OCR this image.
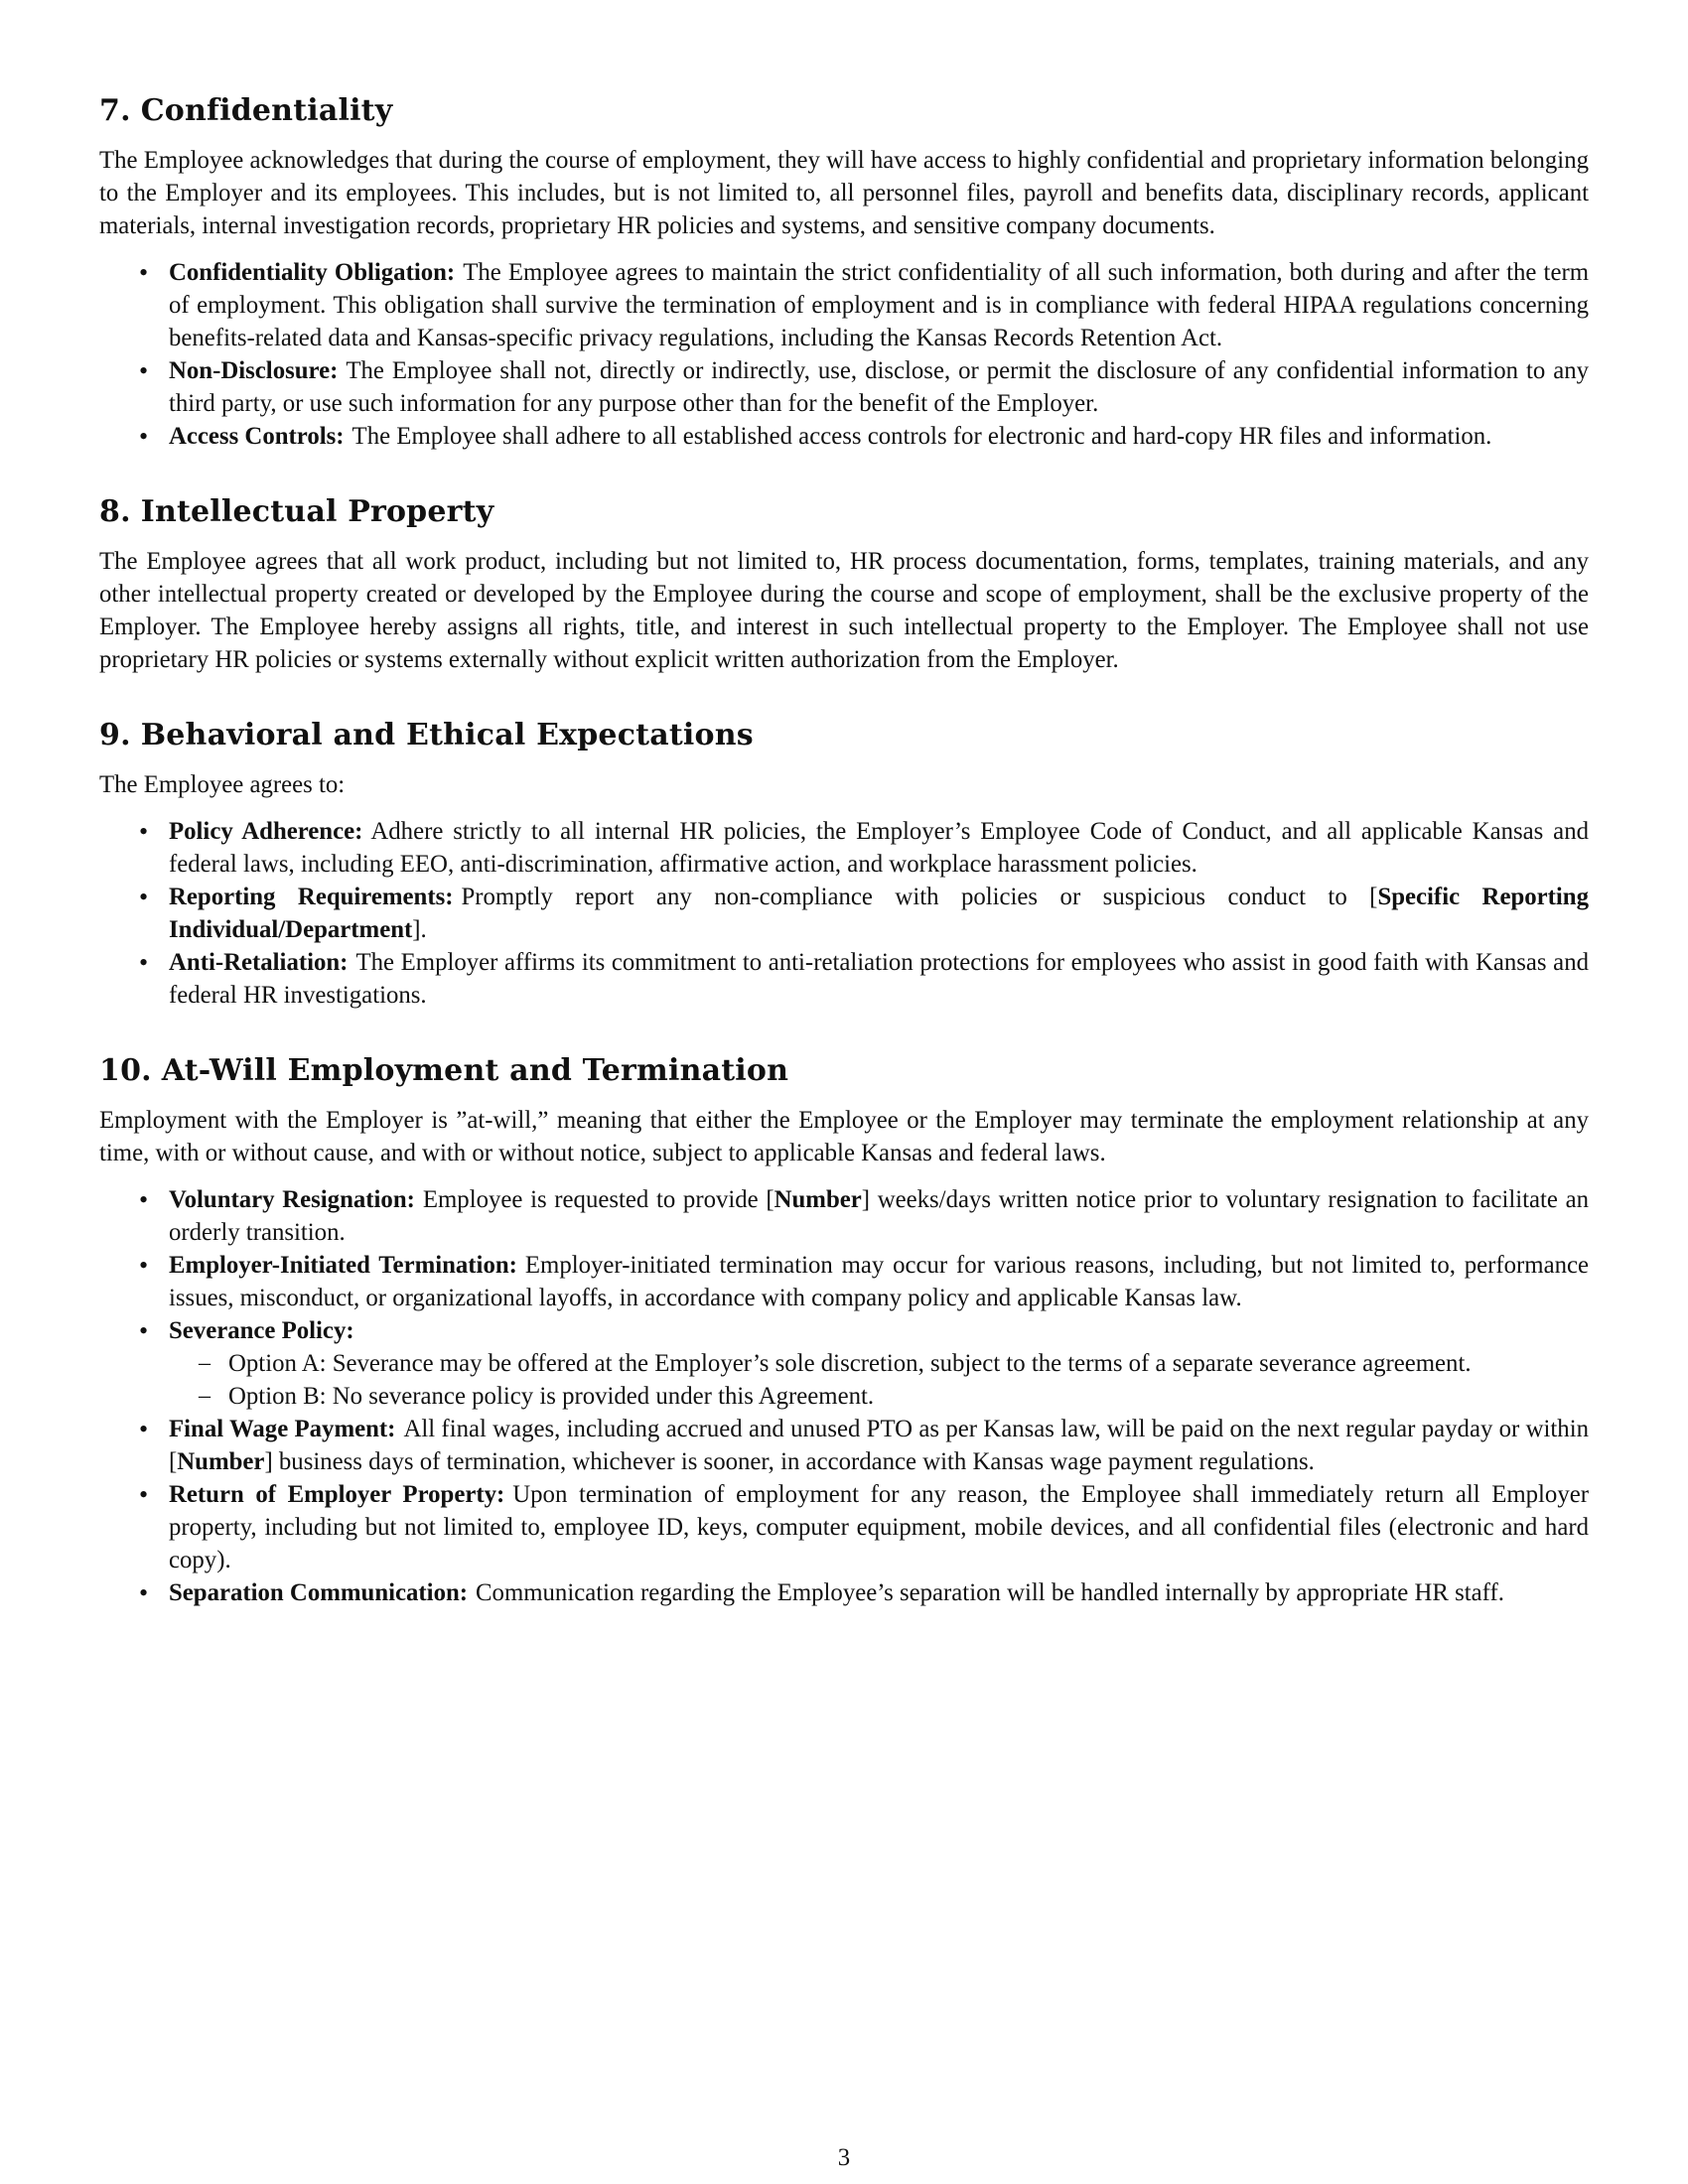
7. Confidentiality

The Employee acknowledges that during the course of employment, they will have access to highly confidential and proprietary information belonging to the Employer and its employees. This includes, but is not limited to, all personnel files, payroll and benefits data, disciplinary records, applicant materials, internal investigation records, proprietary HR policies and systems, and sensitive company documents.

• Confidentiality Obligation: The Employee agrees to maintain the strict confidentiality of all such information, both during and after the term of employment. This obligation shall survive the termination of employment and is in compliance with federal HIPAA regulations concerning benefits-related data and Kansas-specific privacy regulations, including the Kansas Records Retention Act.
• Non-Disclosure: The Employee shall not, directly or indirectly, use, disclose, or permit the disclosure of any confidential information to any third party, or use such information for any purpose other than for the benefit of the Employer.
• Access Controls: The Employee shall adhere to all established access controls for electronic and hard-copy HR files and information.
8. Intellectual Property

The Employee agrees that all work product, including but not limited to, HR process documentation, forms, templates, training materials, and any other intellectual property created or developed by the Employee during the course and scope of employment, shall be the exclusive property of the Employer. The Employee hereby assigns all rights, title, and interest in such intellectual property to the Employer. The Employee shall not use proprietary HR policies or systems externally without explicit written authorization from the Employer.

9. Behavioral and Ethical Expectations

The Employee agrees to:

• Policy Adherence: Adhere strictly to all internal HR policies, the Employer’s Employee Code of Conduct, and all applicable Kansas and federal laws, including EEO, anti-discrimination, affirmative action, and workplace harassment policies.
• Reporting Requirements: Promptly report any non-compliance with policies or suspicious conduct to [Specific Reporting Individual/Department].
• Anti-Retaliation: The Employer affirms its commitment to anti-retaliation protections for employees who assist in good faith with Kansas and federal HR investigations.
10. At-Will Employment and Termination

Employment with the Employer is ”at-will,” meaning that either the Employee or the Employer may terminate the employment relationship at any time, with or without cause, and with or without notice, subject to applicable Kansas and federal laws.

• Voluntary Resignation: Employee is requested to provide [Number] weeks/days written notice prior to voluntary resignation to facilitate an orderly transition.
• Employer-Initiated Termination: Employer-initiated termination may occur for various reasons, including, but not limited to, performance issues, misconduct, or organizational layoffs, in accordance with company policy and applicable Kansas law.
• Severance Policy:
– Option A: Severance may be offered at the Employer’s sole discretion, subject to the terms of a separate severance agreement.
– Option B: No severance policy is provided under this Agreement.
• Final Wage Payment: All final wages, including accrued and unused PTO as per Kansas law, will be paid on the next regular payday or within [Number] business days of termination, whichever is sooner, in accordance with Kansas wage payment regulations.
• Return of Employer Property: Upon termination of employment for any reason, the Employee shall immediately return all Employer property, including but not limited to, employee ID, keys, computer equipment, mobile devices, and all confidential files (electronic and hard copy).
• Separation Communication: Communication regarding the Employee’s separation will be handled internally by appropriate HR staff.
3
